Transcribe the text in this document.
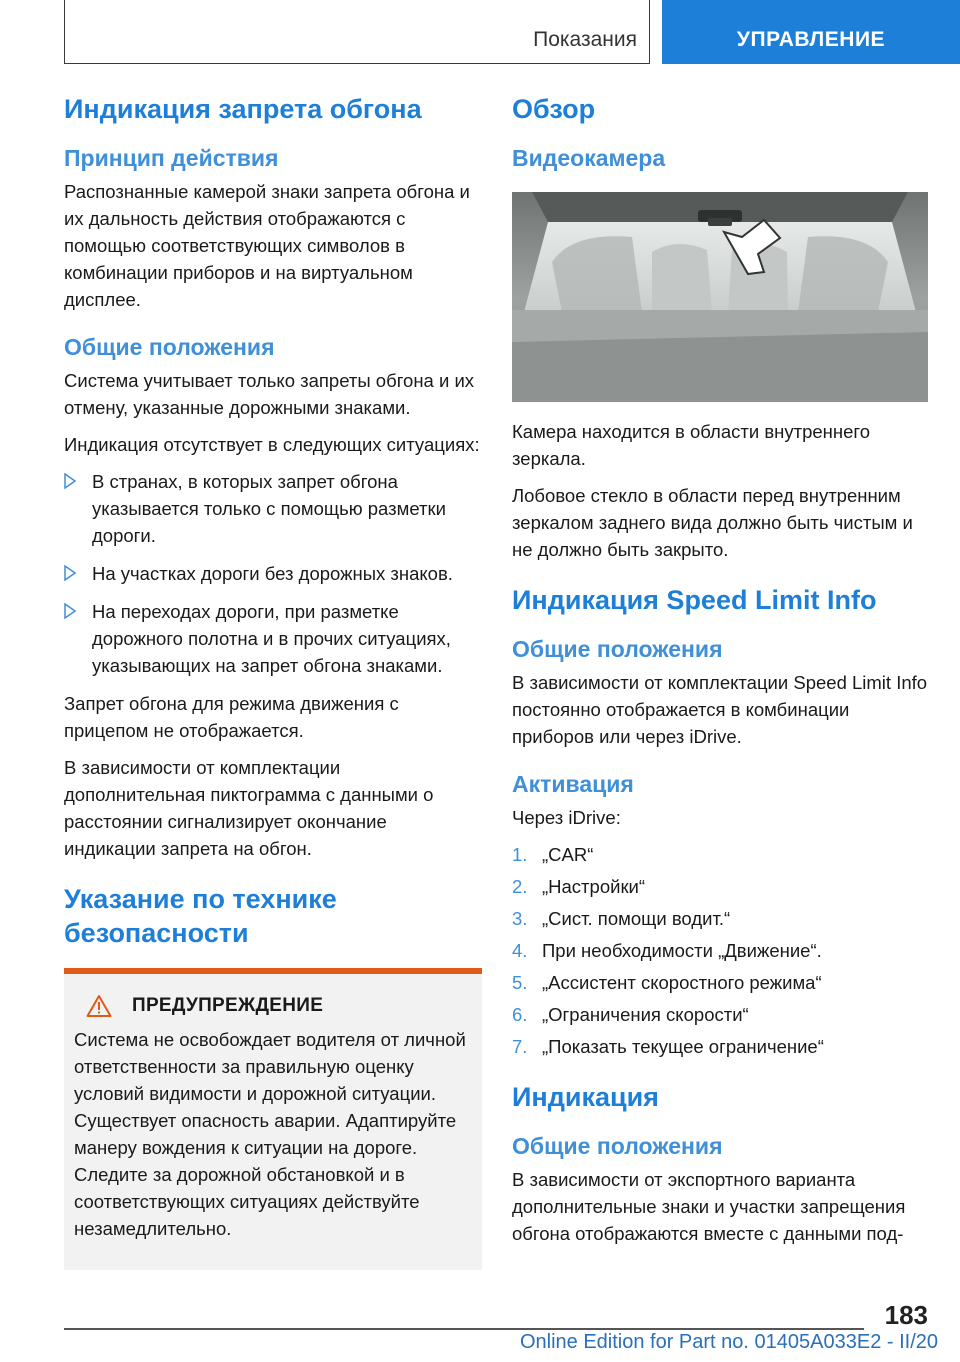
Показания	УПРАВЛЕНИЕ
Индикация запрета обгона
Принцип действия

Распознанные камерой знаки запрета обгона и их дальность действия отображаются с помощью соответствующих символов в комбинации приборов и на виртуальном дисплее.

Общие положения

Система учитывает только запреты обгона и их отмену, указанные дорожными знаками.

Индикация отсутствует в следующих ситуациях:

В странах, в которых запрет обгона указывается только с помощью разметки дороги.
На участках дороги без дорожных знаков.
На переходах дороги, при разметке дорожного полотна и в прочих ситуациях, указывающих на запрет обгона знаками.

Запрет обгона для режима движения с прицепом не отображается.

В зависимости от комплектации дополнительная пиктограмма с данными о расстоянии сигнализирует окончание индикации запрета на обгон.

Указание по технике безопасности
ПРЕДУПРЕЖДЕНИЕ

Система не освобождает водителя от личной ответственности за правильную оценку условий видимости и дорожной ситуации. Существует опасность аварии. Адаптируйте манеру вождения к ситуации на дороге. Следите за дорожной обстановкой и в соответствующих ситуациях действуйте незамедлительно.

Обзор
Видеокамера

Камера находится в области внутреннего зеркала.

Лобовое стекло в области перед внутренним зеркалом заднего вида должно быть чистым и не должно быть закрыто.

Индикация Speed Limit Info
Общие положения

В зависимости от комплектации Speed Limit Info постоянно отображается в комбинации приборов или через iDrive.

Активация

Через iDrive:

1. „CAR“
2. „Настройки“
3. „Сист. помощи водит.“
4. При необходимости „Движение“.
5. „Ассистент скоростного режима“
6. „Ограничения скорости“
7. „Показать текущее ограничение“
Индикация
Общие положения

В зависимости от экспортного варианта дополнительные знаки и участки запрещения обгона отображаются вместе с данными под-

183
Online Edition for Part no. 01405A033E2 - II/20
